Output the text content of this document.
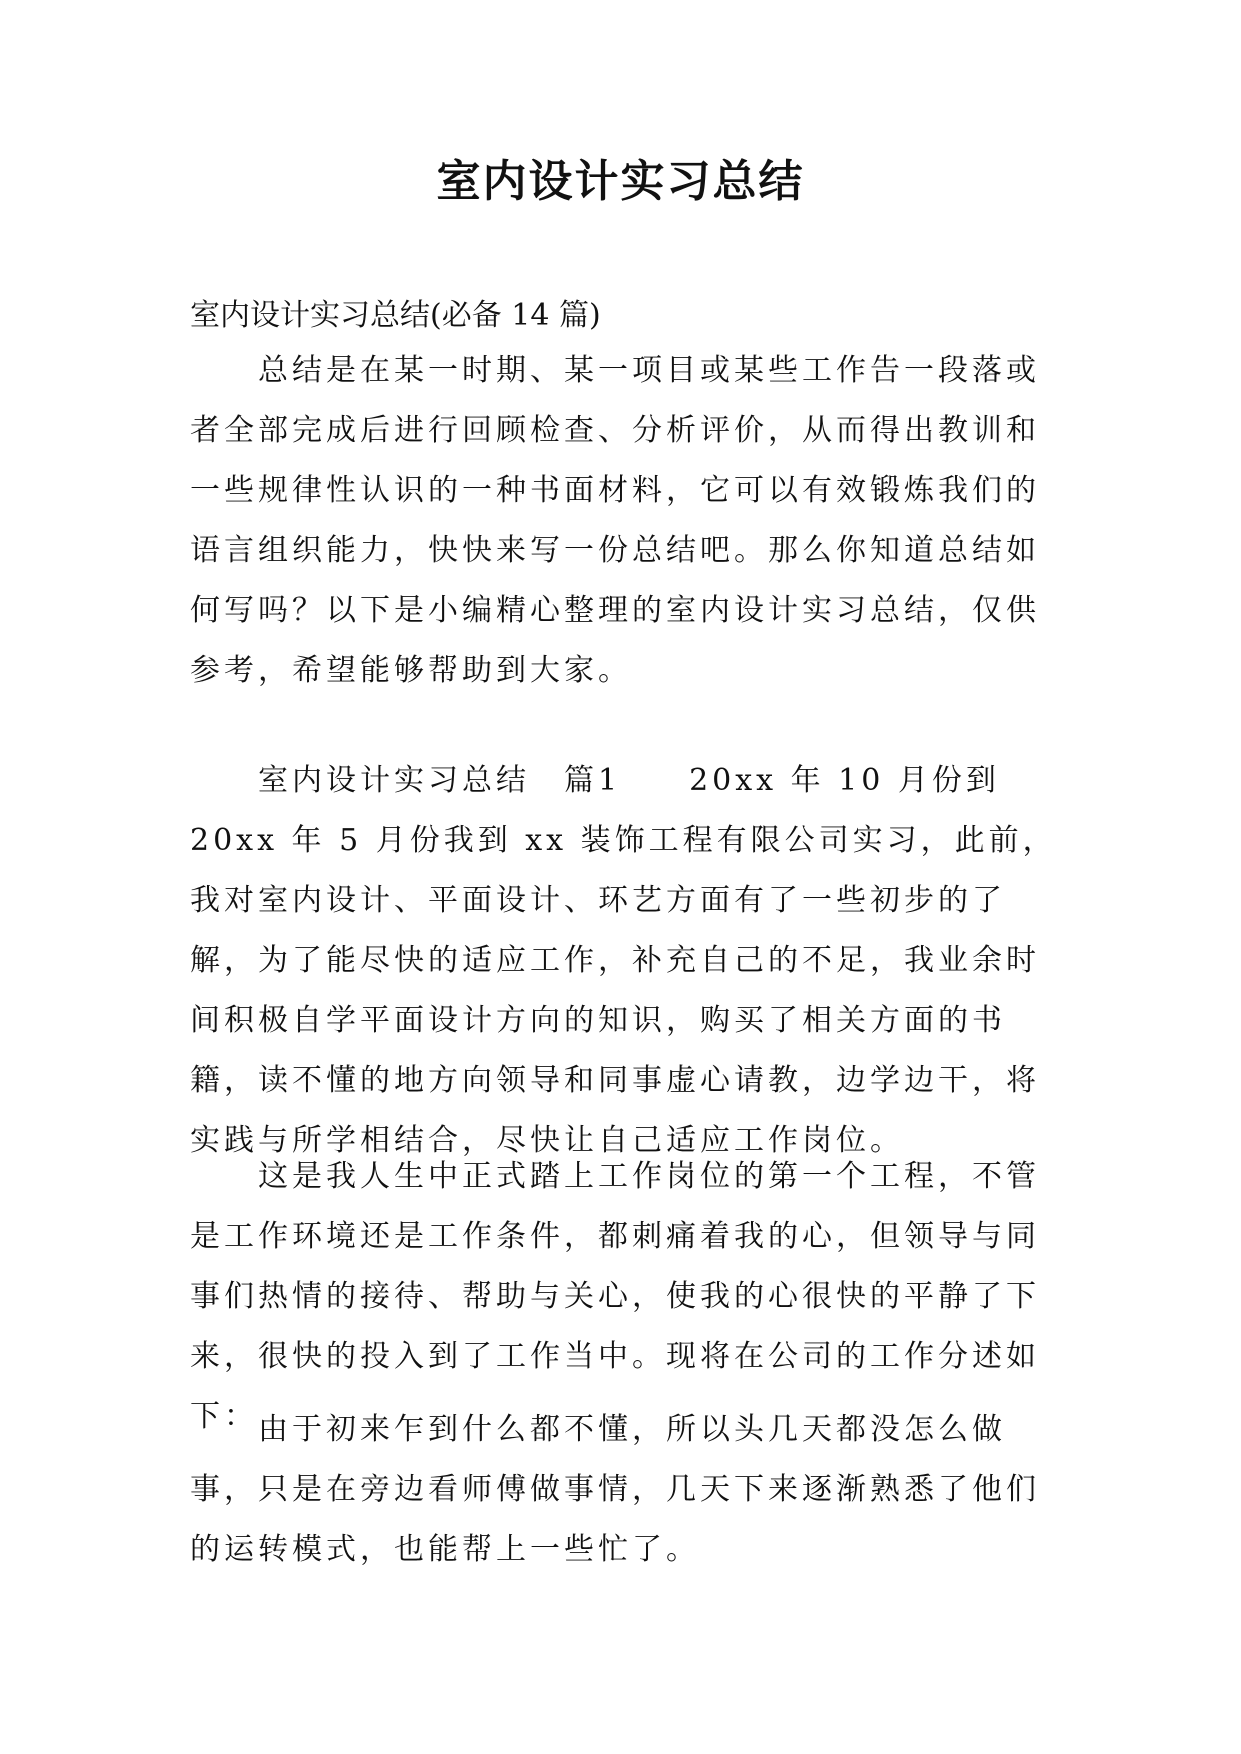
室内设计实习总结
室内设计实习总结(必备 14 篇)

总结是在某一时期、某一项目或某些工作告一段落或者全部完成后进行回顾检查、分析评价，从而得出教训和一些规律性认识的一种书面材料，它可以有效锻炼我们的语言组织能力，快快来写一份总结吧。那么你知道总结如何写吗？以下是小编精心整理的室内设计实习总结，仅供参考，希望能够帮助到大家。

室内设计实习总结　篇1　　20xx 年 10 月份到 20xx 年 5 月份我到 xx 装饰工程有限公司实习，此前，我对室内设计、平面设计、环艺方面有了一些初步的了解，为了能尽快的适应工作，补充自己的不足，我业余时间积极自学平面设计方向的知识，购买了相关方面的书籍，读不懂的地方向领导和同事虚心请教，边学边干，将实践与所学相结合，尽快让自己适应工作岗位。

这是我人生中正式踏上工作岗位的第一个工程，不管是工作环境还是工作条件，都刺痛着我的心，但领导与同事们热情的接待、帮助与关心，使我的心很快的平静了下来，很快的投入到了工作当中。现将在公司的工作分述如下： 由于初来乍到什么都不懂，所以头几天都没怎么做事，只是在旁边看师傅做事情，几天下来逐渐熟悉了他们的运转模式，也能帮上一些忙了。
